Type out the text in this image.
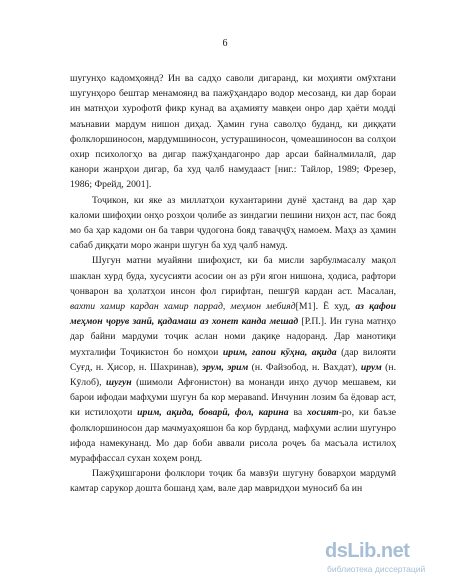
6

шугунҳо кадомҳоянд? Ин ва садҳо саволи дигаранд, ки моҳияти омӯхтани шугунҳоро бештар менамоянд ва пажӯҳандаро водор месозанд, ки дар бораи ин матнҳои хурофотӣ фикр кунад ва аҳамияту мавқеи онро дар ҳаёти модді маънавии мардум нишон диҳад. Ҳамин гуна саволҳо буданд, ки диққати фолклоршиносон, мардумшиносон, устурашиносон, ҷомеашиносон ва солҳои охир психологҳо ва дигар пажӯҳандагонро дар арсаи байналмилалӣ, дар канори жанрҳои дигар, ба худ ҷалб намудааст [ниг.: Тайлор, 1989; Фрезер, 1986; Фрейд, 2001].

Тоҷикон, ки яке аз миллатҳои кухантарини дунё ҳастанд ва дар ҳар каломи шифоҳии онҳо розҳои ҷолибе аз зиндагии пешини ниҳон аст, пас бояд мо ба ҳар кадоми он ба таври ҷудогона бояд таваҷҷӯҳ намоем. Маҳз аз ҳамин сабаб диққати моро жанри шугун ба худ ҷалб намуд.

Шугун матни муайяни шифоҳист, ки ба мисли зарбулмасалу мақол шаклан хурд буда, хусусияти асосии он аз рӯи ягон нишона, ҳодиса, рафтори ҷонварон ва ҳолатҳои инсон фол гирифтан, пешгӯӣ кардан аст. Масалан, вахти хамир кардан хамир паррад, меҳмон мебияд[М1]. Ё худ, аз қафои меҳмон ҷорув занӣ, қадамаш аз хонет канда мешад [Р.П.]. Ин гуна матнҳо дар байни мардуми тоҷик аслан номи дақиқе надоранд. Дар манотиқи мухталифи Тоҷикистон бо номҳои ирим, гапои кӯҳна, ақида (дар вилояти Суғд, н. Ҳисор, н. Шахринав), эрум, эрим (н. Файзобод, н. Вахдат), ирум (н. Кӯлоб), шугун (шимоли Афғонистон) ва монанди инҳо дучор мешавем, ки барои ифодаи мафҳуми шугун ба кор меравand. Инчунин лозим ба ёдовар аст, ки истилоҳоти ирим, ақида, боварӣ, фол, карина ва хосият-ро, ки баъзе фолклоршиносон дар мачмуаҳояшон ба кор бурданд, мафҳуми аслии шугунро ифода намекунанд. Мо дар боби аввали рисола роҷеъ ба масъала истилоҳ мураффассал сухан хоҳем ронд.

Пажӯҳишгарони фолклори тоҷик ба мавзӯи шугуну боварҳои мардумӣ камтар сарукор дошта бошанд ҳам, вале дар мавридҳои муносиб ба ин

dsLib.net
библиотека диссертаций
